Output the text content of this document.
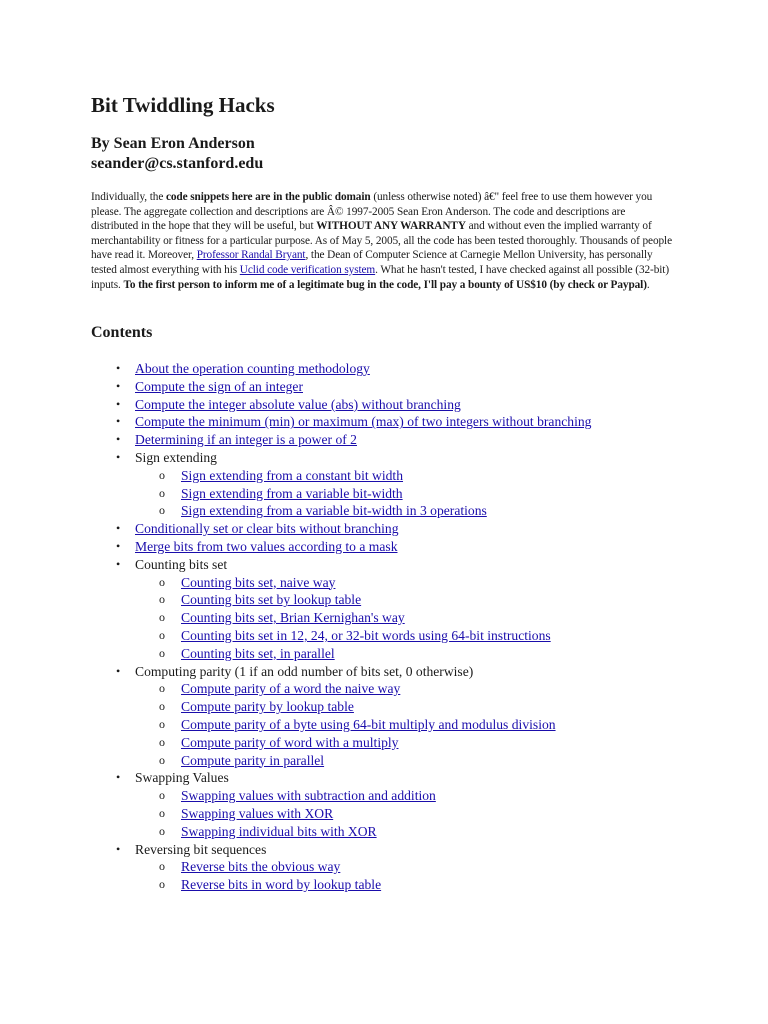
Bit Twiddling Hacks
By Sean Eron Anderson
seander@cs.stanford.edu

Individually, the code snippets here are in the public domain (unless otherwise noted) â€" feel free to use them however you please. The aggregate collection and descriptions are Â© 1997-2005 Sean Eron Anderson. The code and descriptions are distributed in the hope that they will be useful, but WITHOUT ANY WARRANTY and without even the implied warranty of merchantability or fitness for a particular purpose. As of May 5, 2005, all the code has been tested thoroughly. Thousands of people have read it. Moreover, Professor Randal Bryant, the Dean of Computer Science at Carnegie Mellon University, has personally tested almost everything with his Uclid code verification system. What he hasn't tested, I have checked against all possible (32-bit) inputs. To the first person to inform me of a legitimate bug in the code, I'll pay a bounty of US$10 (by check or Paypal).

Contents
•	About the operation counting methodology
•	Compute the sign of an integer
•	Compute the integer absolute value (abs) without branching
•	Compute the minimum (min) or maximum (max) of two integers without branching
•	Determining if an integer is a power of 2
•	Sign extending
o Sign extending from a constant bit width
o Sign extending from a variable bit-width
o Sign extending from a variable bit-width in 3 operations
•	Conditionally set or clear bits without branching
•	Merge bits from two values according to a mask
•	Counting bits set
o Counting bits set, naive way
o Counting bits set by lookup table
o Counting bits set, Brian Kernighan's way
o Counting bits set in 12, 24, or 32-bit words using 64-bit instructions
o Counting bits set, in parallel
•	Computing parity (1 if an odd number of bits set, 0 otherwise)
o Compute parity of a word the naive way
o Compute parity by lookup table
o Compute parity of a byte using 64-bit multiply and modulus division
o Compute parity of word with a multiply
o Compute parity in parallel
•	Swapping Values
o Swapping values with subtraction and addition
o Swapping values with XOR
o Swapping individual bits with XOR
•	Reversing bit sequences
o Reverse bits the obvious way
o Reverse bits in word by lookup table
